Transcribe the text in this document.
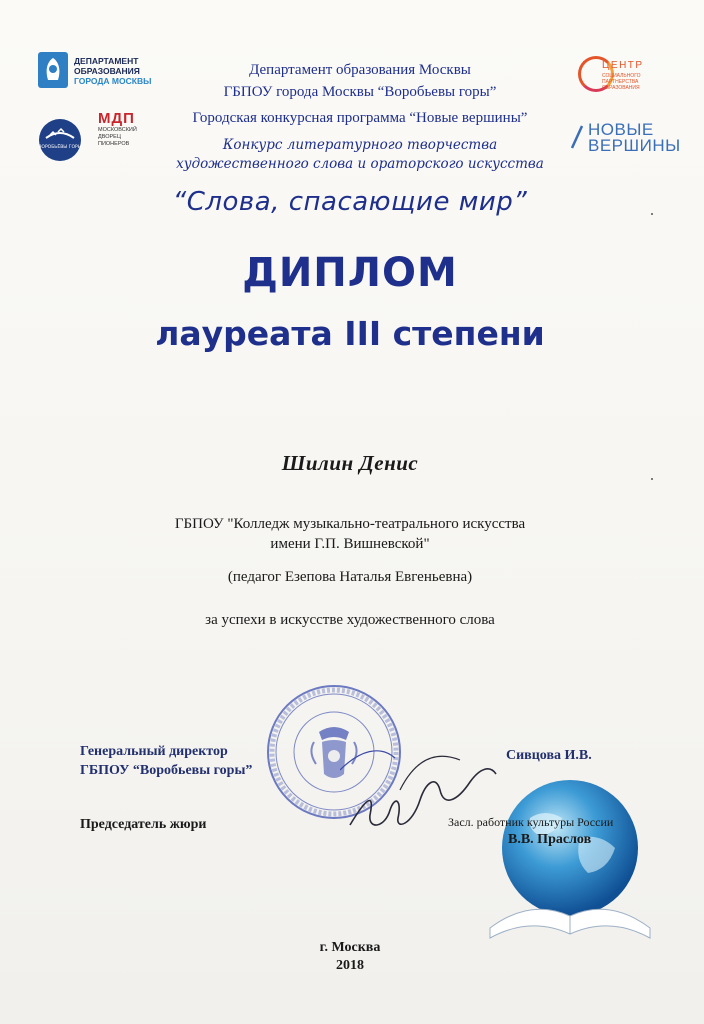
ДЕПАРТАМЕНТ
ОБРАЗОВАНИЯ
ГОРОДА МОСКВЫ
ВОРОБЬЁВЫ ГОРЫ
МДП
МОСКОВСКИЙ
ДВОРЕЦ
ПИОНЕРОВ
ЦЕНТР
СОЦИАЛЬНОГО ПАРТНЕРСТВА ОБРАЗОВАНИЯ
НОВЫЕ
ВЕРШИНЫ
Департамент образования Москвы
ГБПОУ города Москвы “Воробьевы горы”
Городская конкурсная программа “Новые вершины”
Конкурс литературного творчества
художественного слова и ораторского искусства
“Слова, спасающие мир”
ДИПЛОМ
лауреата III степени
Шилин Денис
ГБПОУ "Колледж музыкально-театрального искусства
имени Г.П. Вишневской"
(педагог Езепова Наталья Евгеньевна)
за успехи в искусстве художественного слова
Генеральный директор
ГБПОУ “Воробьевы горы”
Сивцова И.В.
Председатель жюри	Засл. работник культуры России
В.В. Праслов
г. Москва
2018
